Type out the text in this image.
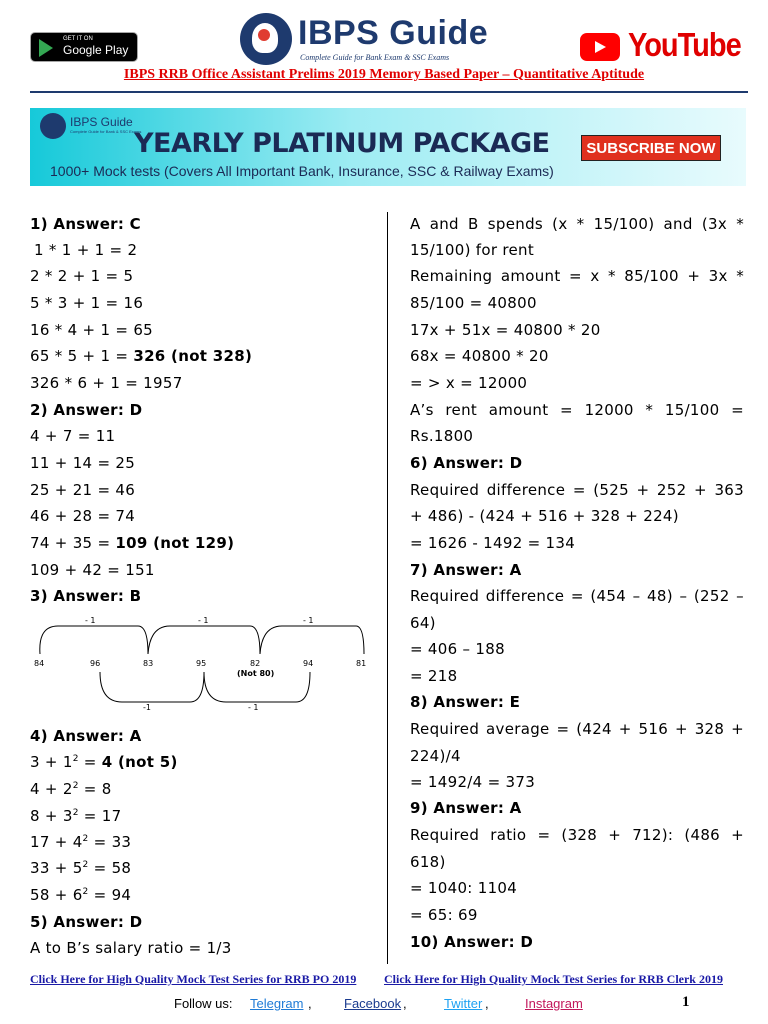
GET IT ON
Google Play	IBPS Guide
Complete Guide for Bank Exam & SSC Exams	YouTube
IBPS RRB Office Assistant Prelims 2019 Memory Based Paper – Quantitative Aptitude
IBPS Guide
Complete Guide for Bank & SSC Exams
YEARLY PLATINUM PACKAGE	SUBSCRIBE NOW
1000+ Mock tests (Covers All Important Bank, Insurance, SSC & Railway Exams)
1) Answer: C
1 * 1 + 1 = 2
2 * 2 + 1 = 5
5 * 3 + 1 = 16
16 * 4 + 1 = 65
65 * 5 + 1 = 326 (not 328)
326 * 6 + 1 = 1957
2) Answer: D
4 + 7 = 11
11 + 14 = 25
25 + 21 = 46
46 + 28 = 74
74 + 35 = 109 (not 129)
109 + 42 = 151
3) Answer: B
- 1	- 1	- 1
84	96	83	95	82	94	81
(Not 80)
-1	- 1
4) Answer: A
$3 + 1^2 = 4$ (not 5)
$4 + 2^2 = 8$
$8 + 3^2 = 17$
$17 + 4^2 = 33$
$33 + 5^2 = 58$
$58 + 6^2 = 94$
5) Answer: D
A to B’s salary ratio = 1/3
A and B spends (x * 15/100) and (3x *
15/100) for rent
Remaining amount = x * 85/100 + 3x *
85/100 = 40800
17x + 51x = 40800 * 20
68x = 40800 * 20
= > x = 12000
A’s rent amount = 12000 * 15/100 =
Rs.1800
6) Answer: D
Required difference = (525 + 252 + 363
+ 486) - (424 + 516 + 328 + 224)
= 1626 - 1492 = 134
7) Answer: A
Required difference = (454 – 48) – (252 –
64)
= 406 – 188
= 218
8) Answer: E
Required average = (424 + 516 + 328 +
224)/4
= 1492/4 = 373
9) Answer: A
Required ratio = (328 + 712): (486 +
618)
= 1040: 1104
= 65: 69
10) Answer: D
Click Here for High Quality Mock Test Series for RRB PO 2019 Click Here for High Quality Mock Test Series for RRB Clerk 2019
Follow us: Telegram , Facebook ,	Twitter ,	Instagram	1
